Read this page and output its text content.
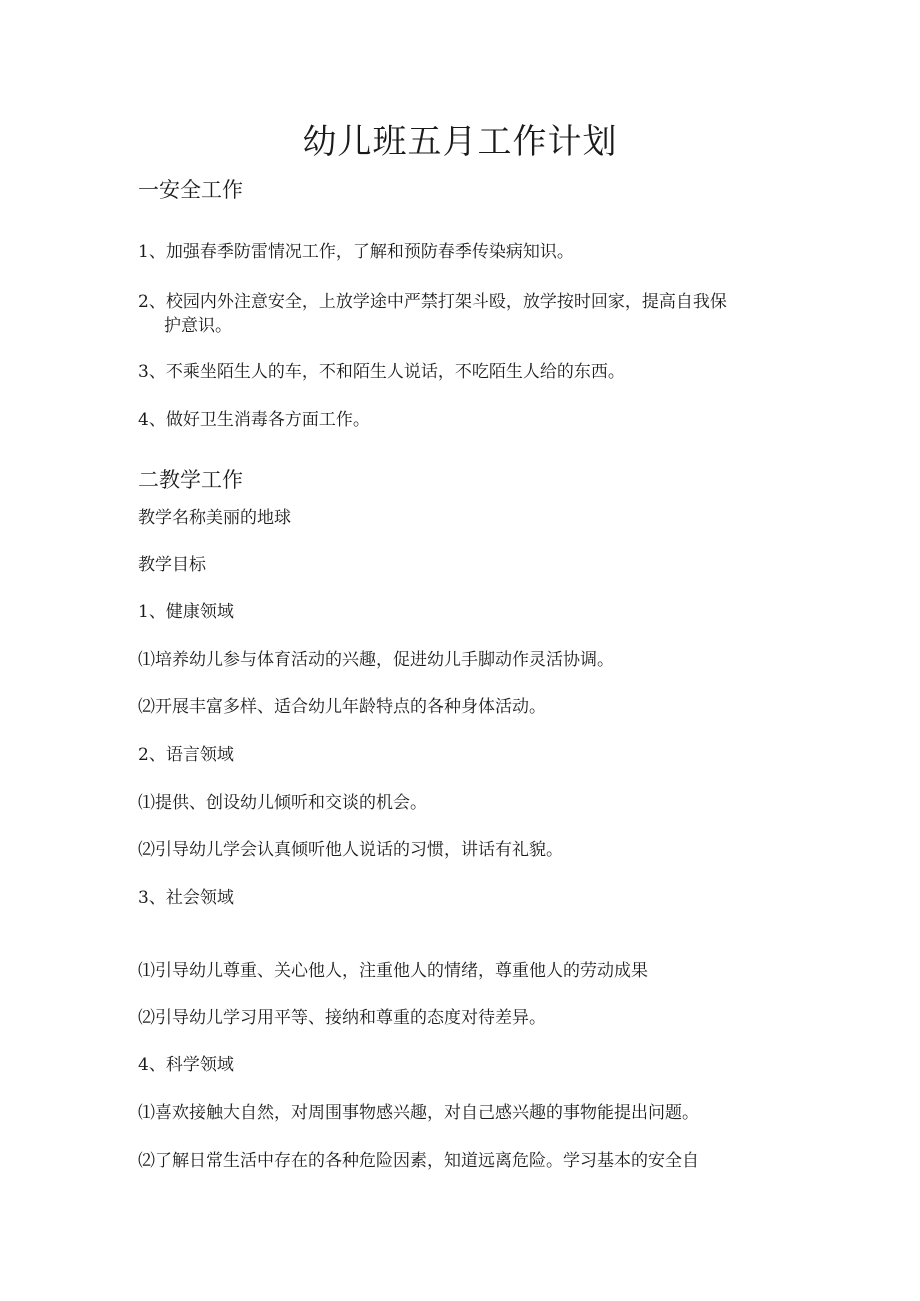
幼儿班五月工作计划
一安全工作

1、加强春季防雷情况工作，了解和预防春季传染病知识。

2、校园内外注意安全，上放学途中严禁打架斗殴，放学按时回家，提高自我保

护意识。

3、不乘坐陌生人的车，不和陌生人说话，不吃陌生人给的东西。

4、做好卫生消毒各方面工作。

二教学工作

教学名称美丽的地球

教学目标

1、健康领域

⑴培养幼儿参与体育活动的兴趣，促进幼儿手脚动作灵活协调。

⑵开展丰富多样、适合幼儿年龄特点的各种身体活动。

2、语言领域

⑴提供、创设幼儿倾听和交谈的机会。

⑵引导幼儿学会认真倾听他人说话的习惯，讲话有礼貌。

3、社会领域

⑴引导幼儿尊重、关心他人，注重他人的情绪，尊重他人的劳动成果

⑵引导幼儿学习用平等、接纳和尊重的态度对待差异。

4、科学领域

⑴喜欢接触大自然，对周围事物感兴趣，对自己感兴趣的事物能提出问题。

⑵了解日常生活中存在的各种危险因素，知道远离危险。学习基本的安全自
